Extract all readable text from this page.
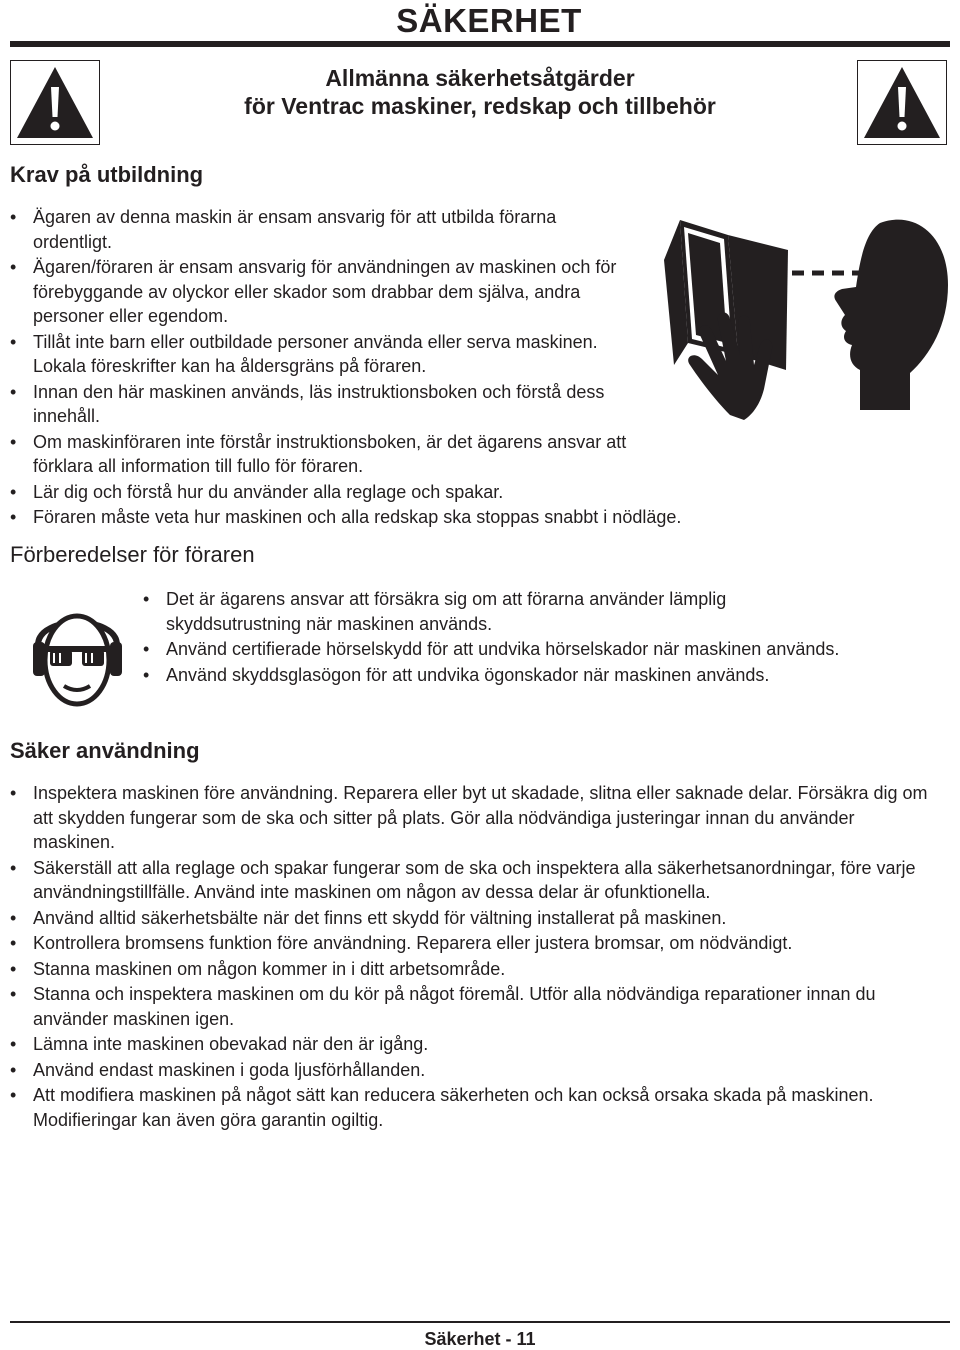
SÄKERHET
Allmänna säkerhetsåtgärder
för Ventrac maskiner, redskap och tillbehör
Krav på utbildning
• Ägaren av denna maskin är ensam ansvarig för att utbilda förarna ordentligt.
• Ägaren/föraren är ensam ansvarig för användningen av maskinen och för förebyggande av olyckor eller skador som drabbar dem själva, andra personer eller egendom.
• Tillåt inte barn eller outbildade personer använda eller serva maskinen. Lokala föreskrifter kan ha åldersgräns på föraren.
• Innan den här maskinen används, läs instruktionsboken och förstå dess innehåll.
• Om maskinföraren inte förstår instruktionsboken, är det ägarens ansvar att förklara all information till fullo för föraren.
• Lär dig och förstå hur du använder alla reglage och spakar.
• Föraren måste veta hur maskinen och alla redskap ska stoppas snabbt i nödläge.
Förberedelser för föraren
• Det är ägarens ansvar att försäkra sig om att förarna använder lämplig skyddsutrustning när maskinen används.
• Använd certifierade hörselskydd för att undvika hörselskador när maskinen används.
• Använd skyddsglasögon för att undvika ögonskador när maskinen används.
Säker användning
• Inspektera maskinen före användning. Reparera eller byt ut skadade, slitna eller saknade delar. Försäkra dig om att skydden fungerar som de ska och sitter på plats. Gör alla nödvändiga justeringar innan du använder maskinen.
• Säkerställ att alla reglage och spakar fungerar som de ska och inspektera alla säkerhetsanordningar, före varje användningstillfälle. Använd inte maskinen om någon av dessa delar är ofunktionella.
• Använd alltid säkerhetsbälte när det finns ett skydd för vältning installerat på maskinen.
• Kontrollera bromsens funktion före användning. Reparera eller justera bromsar, om nödvändigt.
• Stanna maskinen om någon kommer in i ditt arbetsområde.
• Stanna och inspektera maskinen om du kör på något föremål. Utför alla nödvändiga reparationer innan du använder maskinen igen.
• Lämna inte maskinen obevakad när den är igång.
• Använd endast maskinen i goda ljusförhållanden.
• Att modifiera maskinen på något sätt kan reducera säkerheten och kan också orsaka skada på maskinen. Modifieringar kan även göra garantin ogiltig.
Säkerhet - 11
